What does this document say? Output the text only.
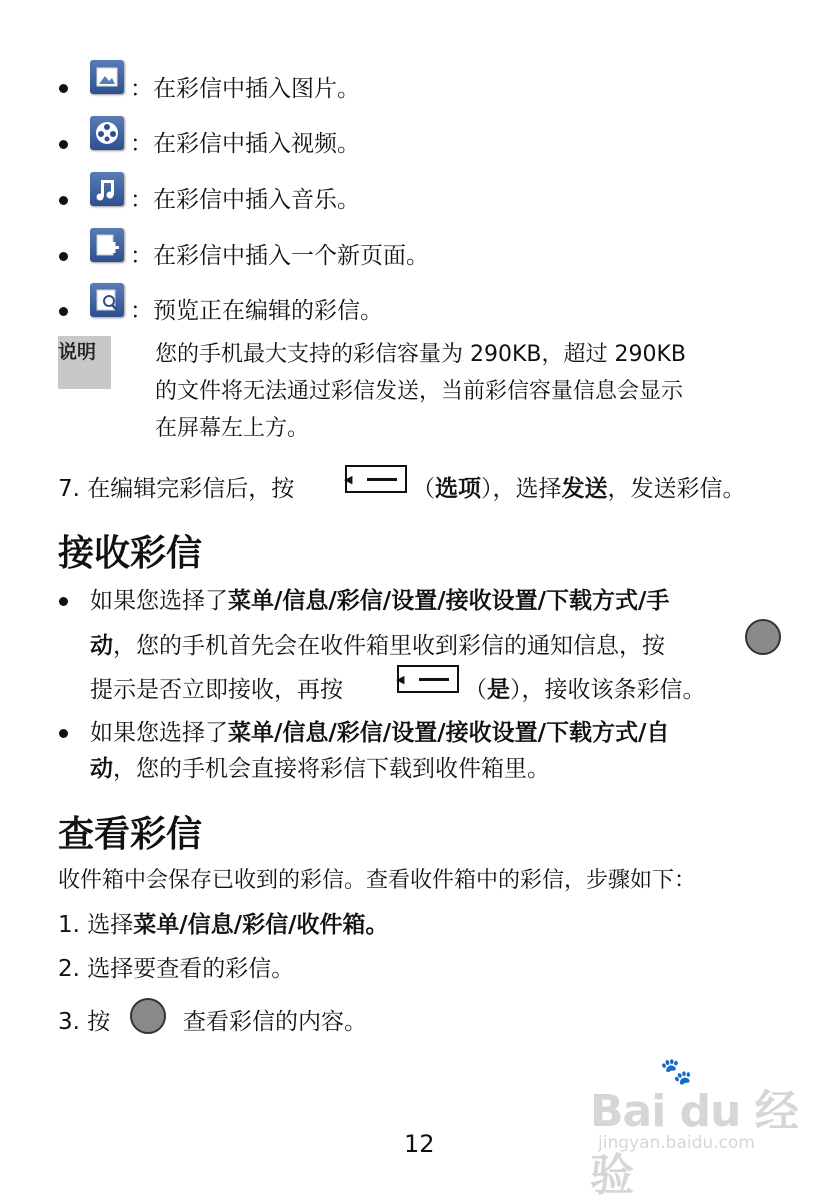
：在彩信中插入图片。
：在彩信中插入视频。
：在彩信中插入音乐。
：在彩信中插入一个新页面。
：预览正在编辑的彩信。
说明	您的手机最大支持的彩信容量为 290KB，超过 290KB
的文件将无法通过彩信发送，当前彩信容量信息会显示
在屏幕左上方。
7. 在编辑完彩信后，按	◀	（选项），选择发送，发送彩信。
接收彩信
如果您选择了菜单/信息/彩信/设置/接收设置/下载方式/手
动，您的手机首先会在收件箱里收到彩信的通知信息，按
提示是否立即接收，再按	◀	（是），接收该条彩信。
如果您选择了菜单/信息/彩信/设置/接收设置/下载方式/自
动，您的手机会直接将彩信下载到收件箱里。
查看彩信
收件箱中会保存已收到的彩信。查看收件箱中的彩信，步骤如下：
1. 选择菜单/信息/彩信/收件箱。
2. 选择要查看的彩信。
3. 按	查看彩信的内容。
12
🐾
Bai du 经验
jingyan.baidu.com
